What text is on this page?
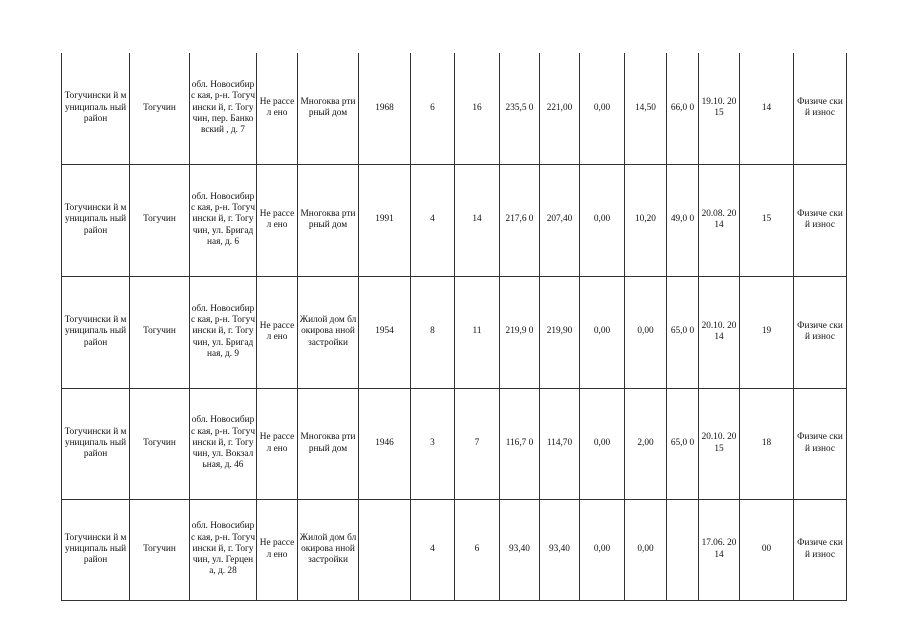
Тогучински й муниципаль ный район	Тогучин	обл. Новосибирс кая, р-н. Тогучински й, г. Тогучин, пер. Банковский , д. 7	Не рассел ено	Многоква ртирный дом	1968	6	16	235,5 0	221,00	0,00	14,50	66,0 0	19.10. 2015	14	Физиче ский износ
Тогучински й муниципаль ный район	Тогучин	обл. Новосибирс кая, р-н. Тогучински й, г. Тогучин, ул. Бригадная, д. 6	Не рассел ено	Многоква ртирный дом	1991	4	14	217,6 0	207,40	0,00	10,20	49,0 0	20.08. 2014	15	Физиче ский износ
Тогучински й муниципаль ный район	Тогучин	обл. Новосибирс кая, р-н. Тогучински й, г. Тогучин, ул. Бригадная, д. 9	Не рассел ено	Жилой дом блокирова нной застройки	1954	8	11	219,9 0	219,90	0,00	0,00	65,0 0	20.10. 2014	19	Физиче ский износ
Тогучински й муниципаль ный район	Тогучин	обл. Новосибирс кая, р-н. Тогучински й, г. Тогучин, ул. Вокзальная, д. 46	Не рассел ено	Многоква ртирный дом	1946	3	7	116,7 0	114,70	0,00	2,00	65,0 0	20.10. 2015	18	Физиче ский износ
Тогучински й муниципаль ный район	Тогучин	обл. Новосибирс кая, р-н. Тогучински й, г. Тогучин, ул. Герцена, д. 28	Не рассел ено	Жилой дом блокирова нной застройки		4	6	93,40	93,40	0,00	0,00		17.06. 2014	00	Физиче ский износ
